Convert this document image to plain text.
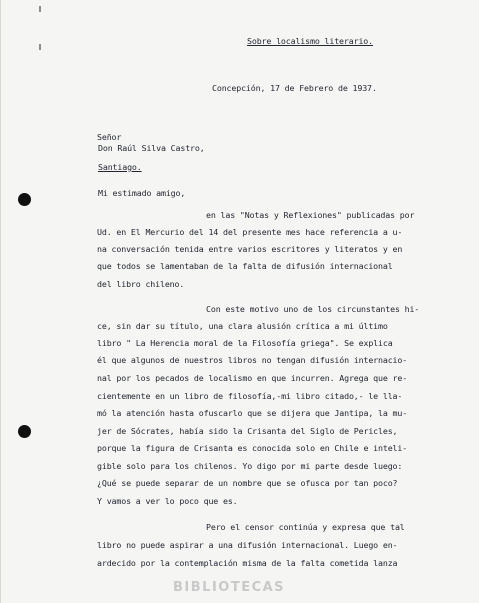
Sobre localismo literario.
Concepción, 17 de Febrero de 1937.
Señor
Don Raúl Silva Castro,
Santiago.
Mi estimado amigo,
en las "Notas y Reflexiones" publicadas por
Ud. en El Mercurio del 14 del presente mes hace referencia a u-
na conversación tenida entre varios escritores y literatos y en
que todos se lamentaban de la falta de difusión internacional
del libro chileno.
Con este motivo uno de los circunstantes hi-
ce, sin dar su título, una clara alusión crítica a mi último
libro " La Herencia moral de la Filosofía griega". Se explica
él que algunos de nuestros libros no tengan difusión internacio-
nal por los pecados de localismo en que incurren. Agrega que re-
cientemente en un libro de filosofía,-mi libro citado,- le lla-
mó la atención hasta ofuscarlo que se dijera que Jantipa, la mu-
jer de Sócrates, había sido la Crisanta del Siglo de Pericles,
porque la figura de Crisanta es conocida solo en Chile e inteli-
gible solo para los chilenos. Yo digo por mi parte desde luego:
¿Qué se puede separar de un nombre que se ofusca por tan poco?
Y vamos a ver lo poco que es.
Pero el censor continúa y expresa que tal
libro no puede aspirar a una difusión internacional. Luego en-
ardecido por la contemplación misma de la falta cometida lanza
BIBLIOTECAS
